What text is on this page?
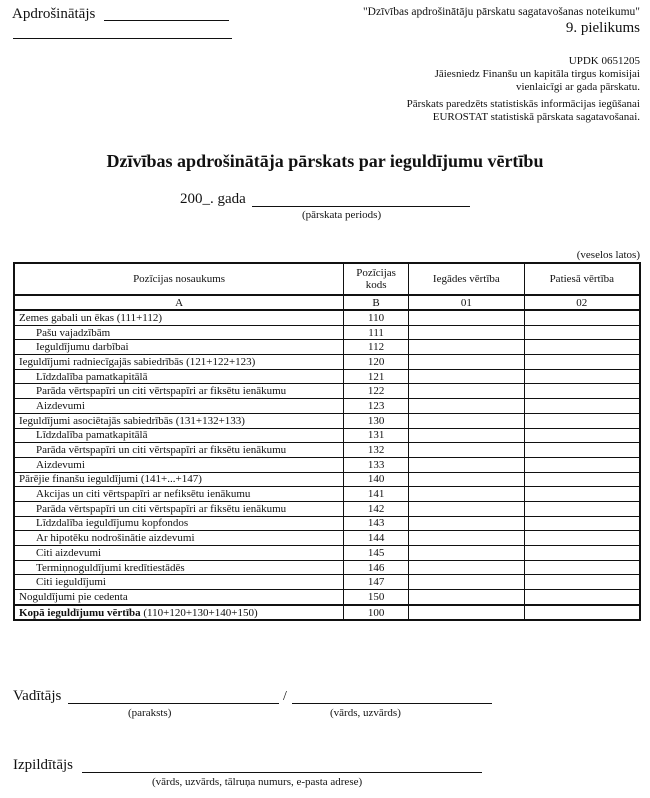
Apdrošinātājs	"Dzīvības apdrošinātāju pārskatu sagatavošanas noteikumu"
9. pielikums
UPDK 0651205
Jāiesniedz Finanšu un kapitāla tirgus komisijai
vienlaicīgi ar gada pārskatu.
Pārskats paredzēts statistiskās informācijas iegūšanai
EUROSTAT statistiskā pārskata sagatavošanai.
Dzīvības apdrošinātāja pārskats par ieguldījumu vērtību
200_. gada
(pārskata periods)
(veselos latos)
Pozīcijas nosaukums	Pozīcijas kods	Iegādes vērtība	Patiesā vērtība
A	B	01	02
Zemes gabali un ēkas (111+112)	110		
Pašu vajadzībām	111		
Ieguldījumu darbībai	112		
Ieguldījumi radniecīgajās sabiedrībās (121+122+123)	120		
Līdzdalība pamatkapitālā	121		
Parāda vērtspapīri un citi vērtspapīri ar fiksētu ienākumu	122		
Aizdevumi	123		
Ieguldījumi asociētajās sabiedrībās (131+132+133)	130		
Līdzdalība pamatkapitālā	131		
Parāda vērtspapīri un citi vērtspapīri ar fiksētu ienākumu	132		
Aizdevumi	133		
Pārējie finanšu ieguldījumi (141+...+147)	140		
Akcijas un citi vērtspapīri ar nefiksētu ienākumu	141		
Parāda vērtspapīri un citi vērtspapīri ar fiksētu ienākumu	142		
Līdzdalība ieguldījumu kopfondos	143		
Ar hipotēku nodrošinātie aizdevumi	144		
Citi aizdevumi	145		
Termiņnoguldījumi kredītiestādēs	146		
Citi ieguldījumi	147		
Noguldījumi pie cedenta	150		
Kopā ieguldījumu vērtība (110+120+130+140+150)	100		
Vadītājs	/
(paraksts)	(vārds, uzvārds)
Izpildītājs
(vārds, uzvārds, tālruņa numurs, e-pasta adrese)
